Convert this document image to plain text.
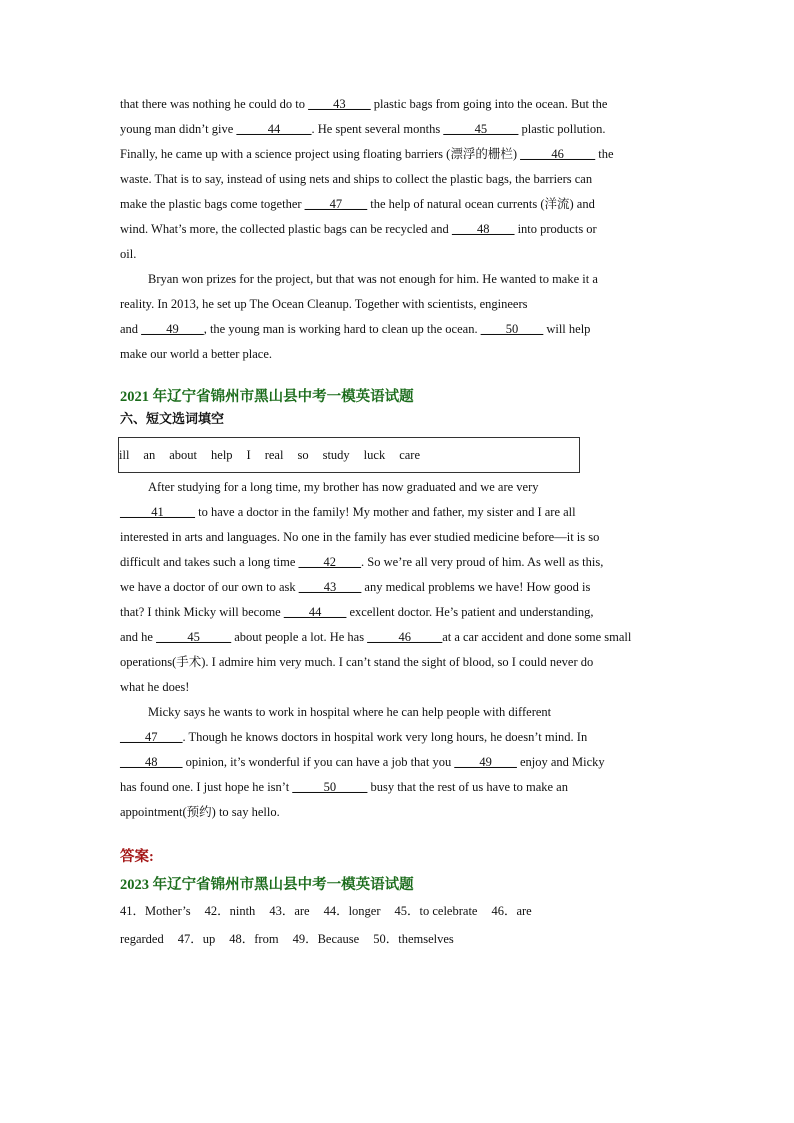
that there was nothing he could do to ____43____ plastic bags from going into the ocean. But the

young man didn’t give _____44_____. He spent several months _____45_____ plastic pollution.

Finally, he came up with a science project using floating barriers (漂浮的栅栏) _____46_____ the

waste. That is to say, instead of using nets and ships to collect the plastic bags, the barriers can

make the plastic bags come together ____47____ the help of natural ocean currents (洋流) and

wind. What’s more, the collected plastic bags can be recycled and ____48____ into products or

oil.

Bryan won prizes for the project, but that was not enough for him. He wanted to make it a

reality. In 2013, he set up The Ocean Cleanup. Together with scientists, engineers

and ____49____, the young man is working hard to clean up the ocean. ____50____ will help

make our world a better place.

2021 年辽宁省锦州市黑山县中考一模英语试题

六、短文选词填空

ill an about help I real so study luck care

After studying for a long time, my brother has now graduated and we are very

_____41_____ to have a doctor in the family! My mother and father, my sister and I are all

interested in arts and languages. No one in the family has ever studied medicine before—it is so

difficult and takes such a long time ____42____. So we’re all very proud of him. As well as this,

we have a doctor of our own to ask ____43____ any medical problems we have! How good is

that? I think Micky will become ____44____ excellent doctor. He’s patient and understanding,

and he _____45_____ about people a lot. He has _____46_____at a car accident and done some small

operations(手术). I admire him very much. I can’t stand the sight of blood, so I could never do

what he does!

Micky says he wants to work in hospital where he can help people with different

____47____. Though he knows doctors in hospital work very long hours, he doesn’t mind. In

____48____ opinion, it’s wonderful if you can have a job that you ____49____ enjoy and Micky

has found one. I just hope he isn’t _____50_____ busy that the rest of us have to make an

appointment(预约) to say hello.

答案:

2023 年辽宁省锦州市黑山县中考一模英语试题

41．Mother’s 42．ninth 43．are 44．longer 45．to celebrate 46．are

regarded 47．up 48．from 49．Because 50．themselves
